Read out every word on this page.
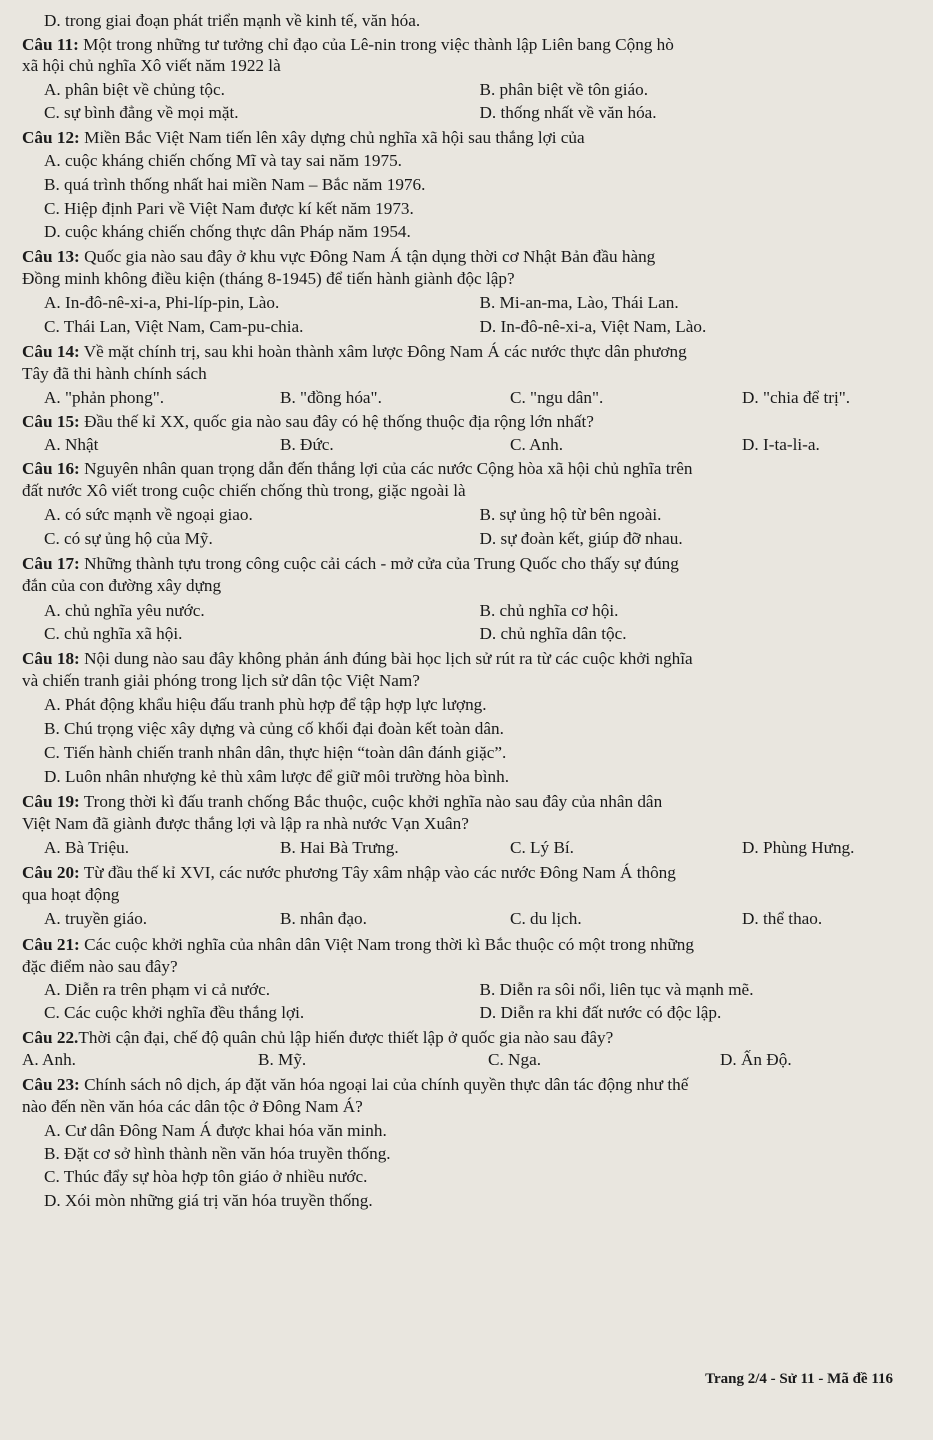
D. trong giai đoạn phát triển mạnh về kinh tế, văn hóa.
Câu 11: Một trong những tư tưởng chỉ đạo của Lê-nin trong việc thành lập Liên bang Cộng hò
xã hội chủ nghĩa Xô viết năm 1922 là
A. phân biệt về chủng tộc.	B. phân biệt về tôn giáo.
C. sự bình đẳng về mọi mặt.	D. thống nhất về văn hóa.
Câu 12: Miền Bắc Việt Nam tiến lên xây dựng chủ nghĩa xã hội sau thắng lợi của
A. cuộc kháng chiến chống Mĩ và tay sai năm 1975.
B. quá trình thống nhất hai miền Nam – Bắc năm 1976.
C. Hiệp định Pari về Việt Nam được kí kết năm 1973.
D. cuộc kháng chiến chống thực dân Pháp năm 1954.
Câu 13: Quốc gia nào sau đây ở khu vực Đông Nam Á tận dụng thời cơ Nhật Bản đầu hàng
Đồng minh không điều kiện (tháng 8-1945) để tiến hành giành độc lập?
A. In-đô-nê-xi-a, Phi-líp-pin, Lào.	B. Mi-an-ma, Lào, Thái Lan.
C. Thái Lan, Việt Nam, Cam-pu-chia.	D. In-đô-nê-xi-a, Việt Nam, Lào.
Câu 14: Về mặt chính trị, sau khi hoàn thành xâm lược Đông Nam Á các nước thực dân phương
Tây đã thi hành chính sách
A. "phản phong".	B. "đồng hóa".	C. "ngu dân".	D. "chia để trị".
Câu 15: Đầu thế kỉ XX, quốc gia nào sau đây có hệ thống thuộc địa rộng lớn nhất?
A. Nhật	B. Đức.	C. Anh.	D. I-ta-li-a.
Câu 16: Nguyên nhân quan trọng dẫn đến thắng lợi của các nước Cộng hòa xã hội chủ nghĩa trên
đất nước Xô viết trong cuộc chiến chống thù trong, giặc ngoài là
A. có sức mạnh về ngoại giao.	B. sự ủng hộ từ bên ngoài.
C. có sự ủng hộ của Mỹ.	D. sự đoàn kết, giúp đỡ nhau.
Câu 17: Những thành tựu trong công cuộc cải cách - mở cửa của Trung Quốc cho thấy sự đúng
đắn của con đường xây dựng
A. chủ nghĩa yêu nước.	B. chủ nghĩa cơ hội.
C. chủ nghĩa xã hội.	D. chủ nghĩa dân tộc.
Câu 18: Nội dung nào sau đây không phản ánh đúng bài học lịch sử rút ra từ các cuộc khởi nghĩa
và chiến tranh giải phóng trong lịch sử dân tộc Việt Nam?
A. Phát động khẩu hiệu đấu tranh phù hợp để tập hợp lực lượng.
B. Chú trọng việc xây dựng và củng cố khối đại đoàn kết toàn dân.
C. Tiến hành chiến tranh nhân dân, thực hiện “toàn dân đánh giặc”.
D. Luôn nhân nhượng kẻ thù xâm lược để giữ môi trường hòa bình.
Câu 19: Trong thời kì đấu tranh chống Bắc thuộc, cuộc khởi nghĩa nào sau đây của nhân dân
Việt Nam đã giành được thắng lợi và lập ra nhà nước Vạn Xuân?
A. Bà Triệu.	B. Hai Bà Trưng.	C. Lý Bí.	D. Phùng Hưng.
Câu 20: Từ đầu thế kỉ XVI, các nước phương Tây xâm nhập vào các nước Đông Nam Á thông
qua hoạt động
A. truyền giáo.	B. nhân đạo.	C. du lịch.	D. thể thao.
Câu 21: Các cuộc khởi nghĩa của nhân dân Việt Nam trong thời kì Bắc thuộc có một trong những
đặc điểm nào sau đây?
A. Diễn ra trên phạm vi cả nước.	B. Diễn ra sôi nổi, liên tục và mạnh mẽ.
C. Các cuộc khởi nghĩa đều thắng lợi.	D. Diễn ra khi đất nước có độc lập.
Câu 22.Thời cận đại, chế độ quân chủ lập hiến được thiết lập ở quốc gia nào sau đây?
A. Anh.	B. Mỹ.	C. Nga.	D. Ấn Độ.
Câu 23: Chính sách nô dịch, áp đặt văn hóa ngoại lai của chính quyền thực dân tác động như thế
nào đến nền văn hóa các dân tộc ở Đông Nam Á?
A. Cư dân Đông Nam Á được khai hóa văn minh.
B. Đặt cơ sở hình thành nền văn hóa truyền thống.
C. Thúc đẩy sự hòa hợp tôn giáo ở nhiều nước.
D. Xói mòn những giá trị văn hóa truyền thống.
Trang 2/4 - Sử 11 - Mã đề 116
